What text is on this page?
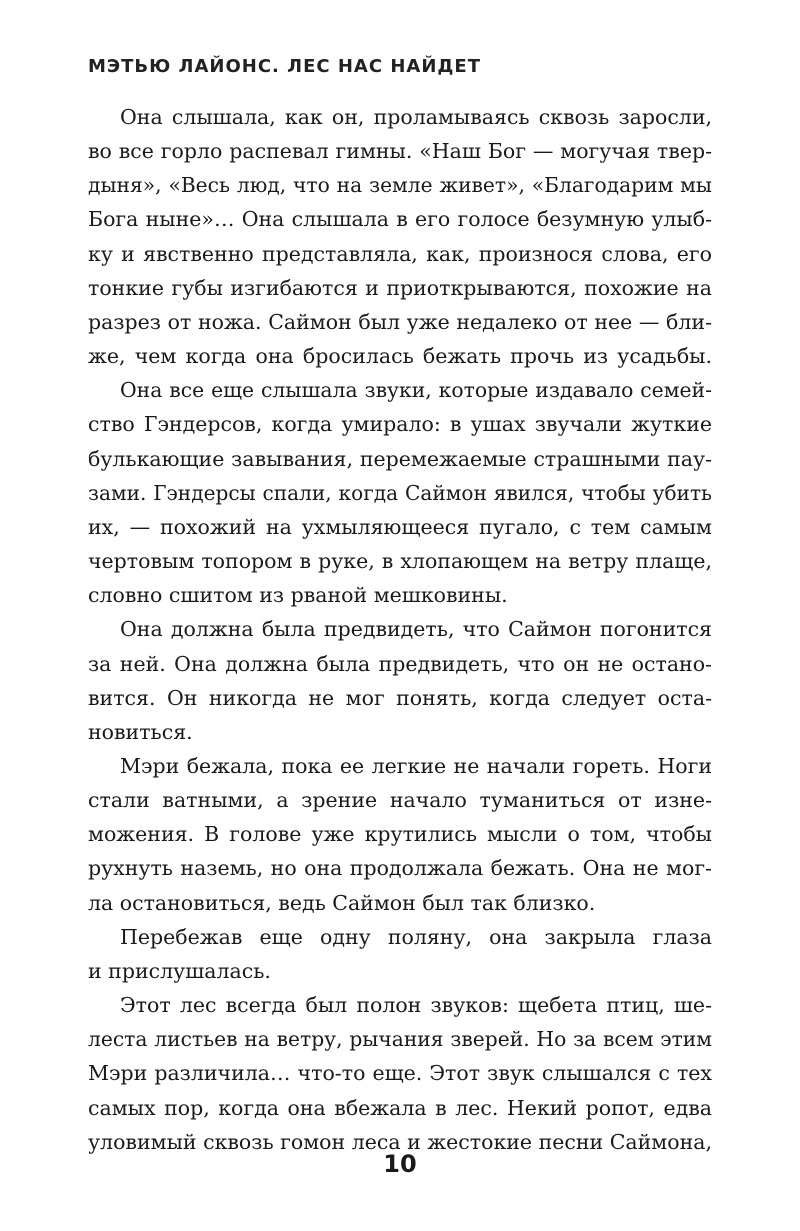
МЭТЬЮ ЛАЙОНС. ЛЕС НАС НАЙДЕТ
Она слышала, как он, проламываясь сквозь заросли,
во все горло распевал гимны. «Наш Бог — могучая твер-
дыня», «Весь люд, что на земле живет», «Благодарим мы
Бога ныне»… Она слышала в его голосе безумную улыб-
ку и явственно представляла, как, произнося слова, его
тонкие губы изгибаются и приоткрываются, похожие на
разрез от ножа. Саймон был уже недалеко от нее — бли-
же, чем когда она бросилась бежать прочь из усадьбы.
Она все еще слышала звуки, которые издавало семей-
ство Гэндерсов, когда умирало: в ушах звучали жуткие
булькающие завывания, перемежаемые страшными пау-
зами. Гэндерсы спали, когда Саймон явился, чтобы убить
их, — похожий на ухмыляющееся пугало, с тем самым
чертовым топором в руке, в хлопающем на ветру плаще,
словно сшитом из рваной мешковины.
Она должна была предвидеть, что Саймон погонится
за ней. Она должна была предвидеть, что он не остано-
вится. Он никогда не мог понять, когда следует оста-
новиться.
Мэри бежала, пока ее легкие не начали гореть. Ноги
стали ватными, а зрение начало туманиться от изне-
можения. В голове уже крутились мысли о том, чтобы
рухнуть наземь, но она продолжала бежать. Она не мог-
ла остановиться, ведь Саймон был так близко.
Перебежав еще одну поляну, она закрыла глаза
и прислушалась.
Этот лес всегда был полон звуков: щебета птиц, ше-
леста листьев на ветру, рычания зверей. Но за всем этим
Мэри различила… что-то еще. Этот звук слышался с тех
самых пор, когда она вбежала в лес. Некий ропот, едва
уловимый сквозь гомон леса и жестокие песни Саймона,
10
